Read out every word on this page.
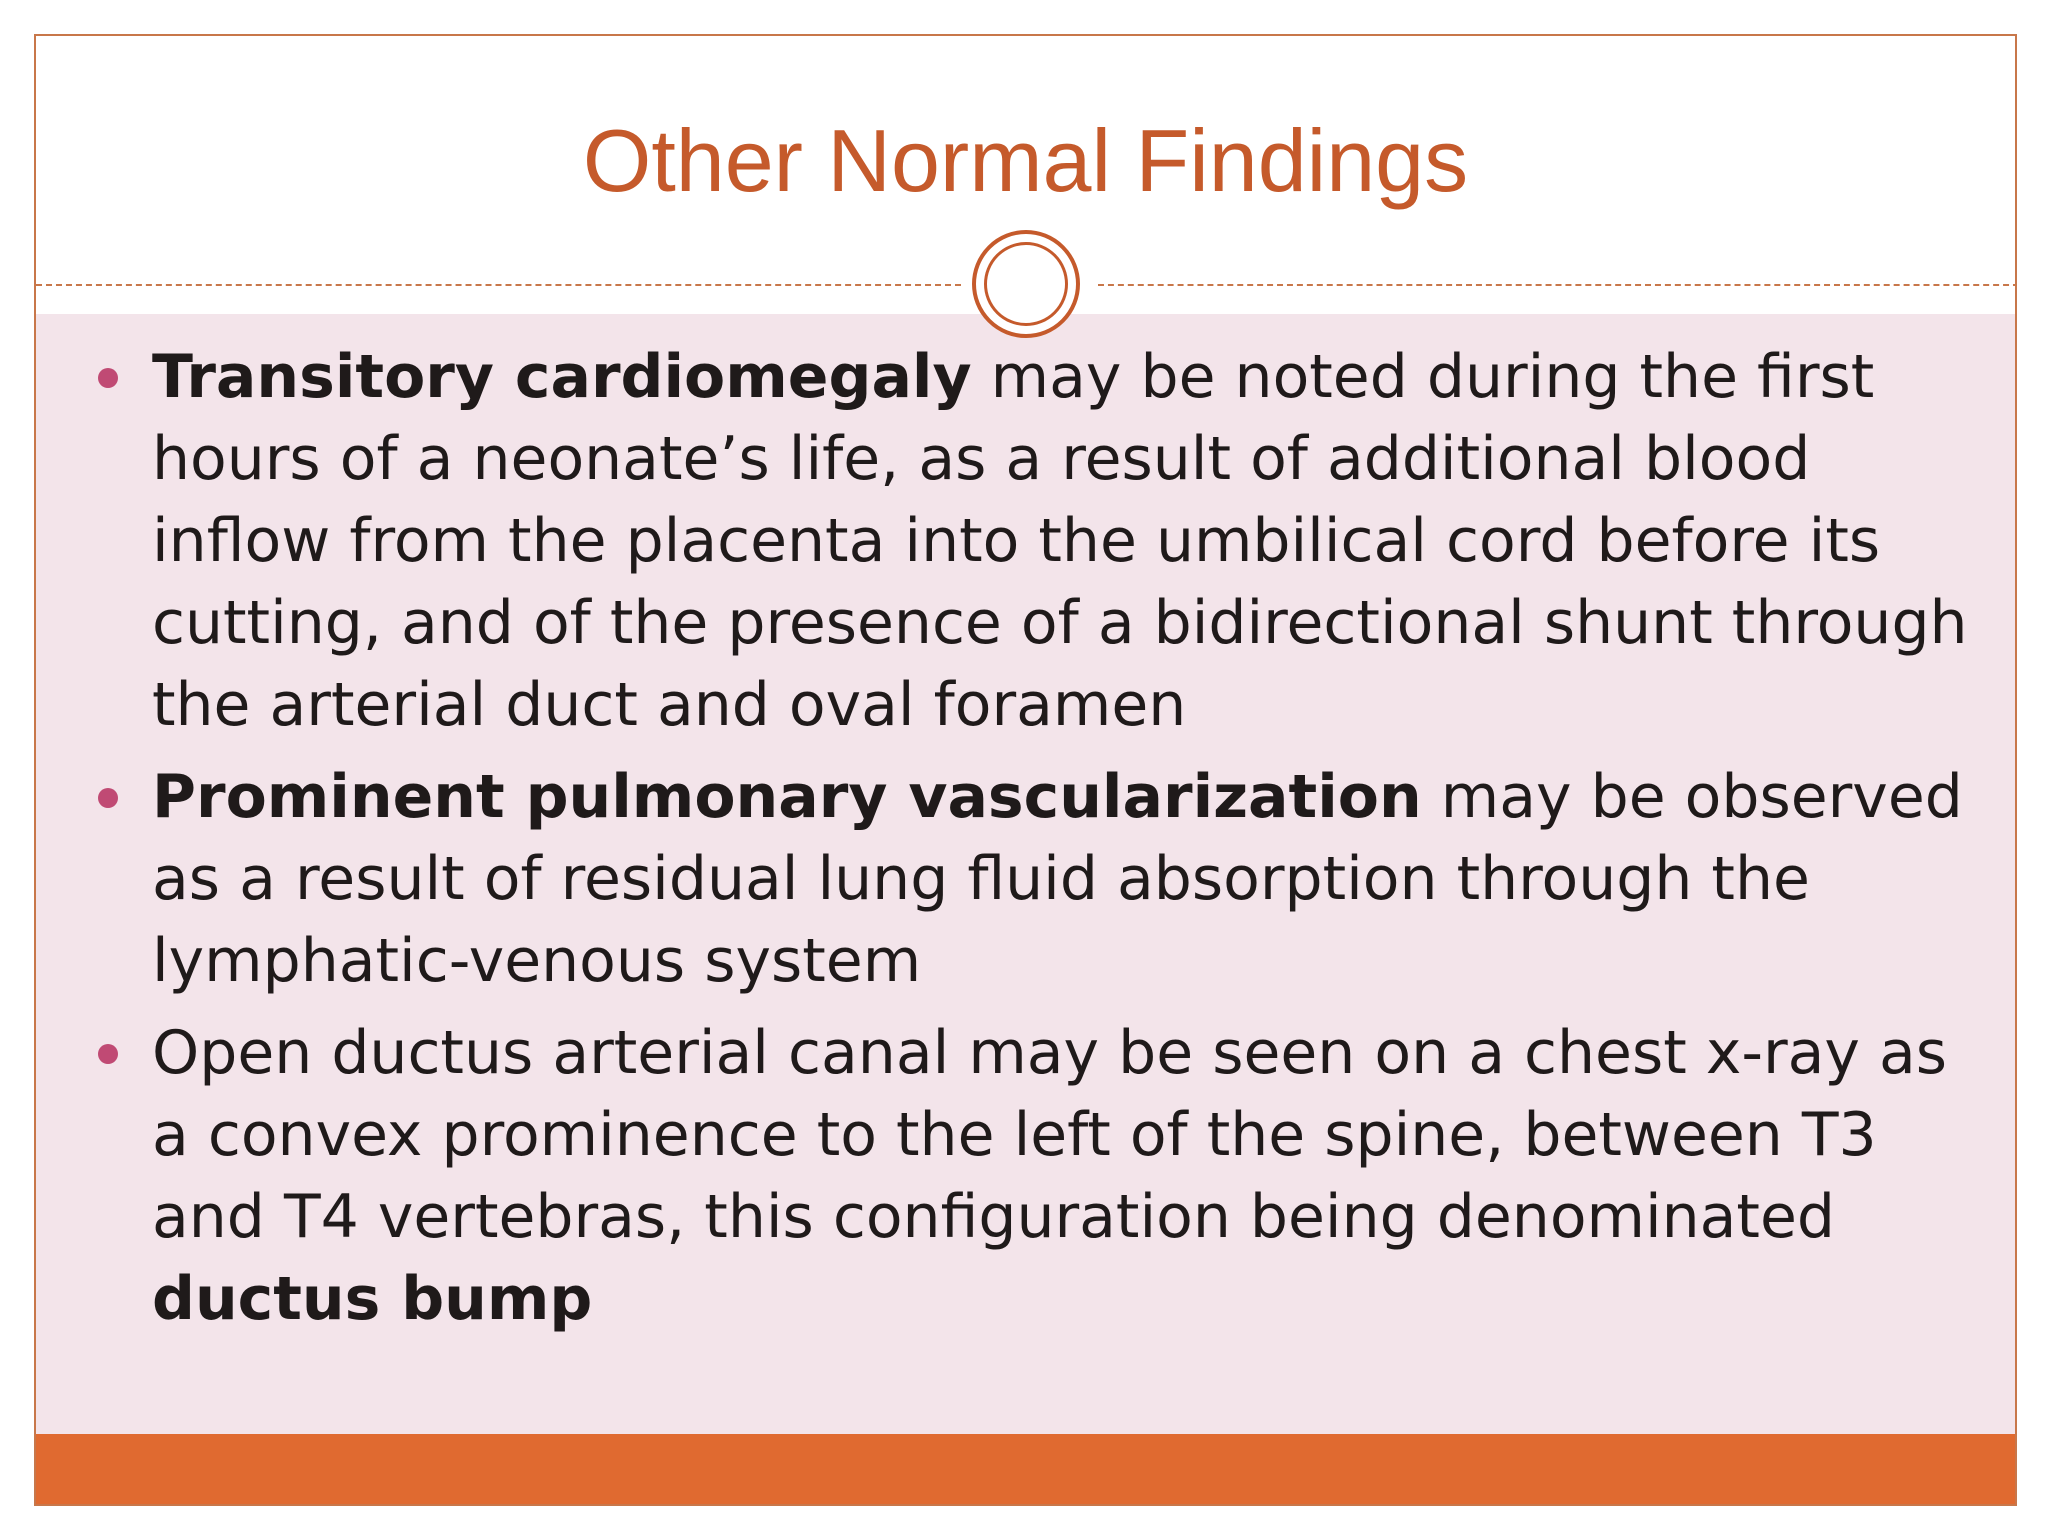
Other Normal Findings
Transitory cardiomegaly may be noted during the first hours of a neonate’s life, as a result of additional blood inflow from the placenta into the umbilical cord before its cutting, and of the presence of a bidirectional shunt through the arterial duct and oval foramen
Prominent pulmonary vascularization may be observed as a result of residual lung fluid absorption through the lymphatic-venous system
Open ductus arterial canal may be seen on a chest x-ray as a convex prominence to the left of the spine, between T3 and T4 vertebras, this configuration being denominated ductus bump
